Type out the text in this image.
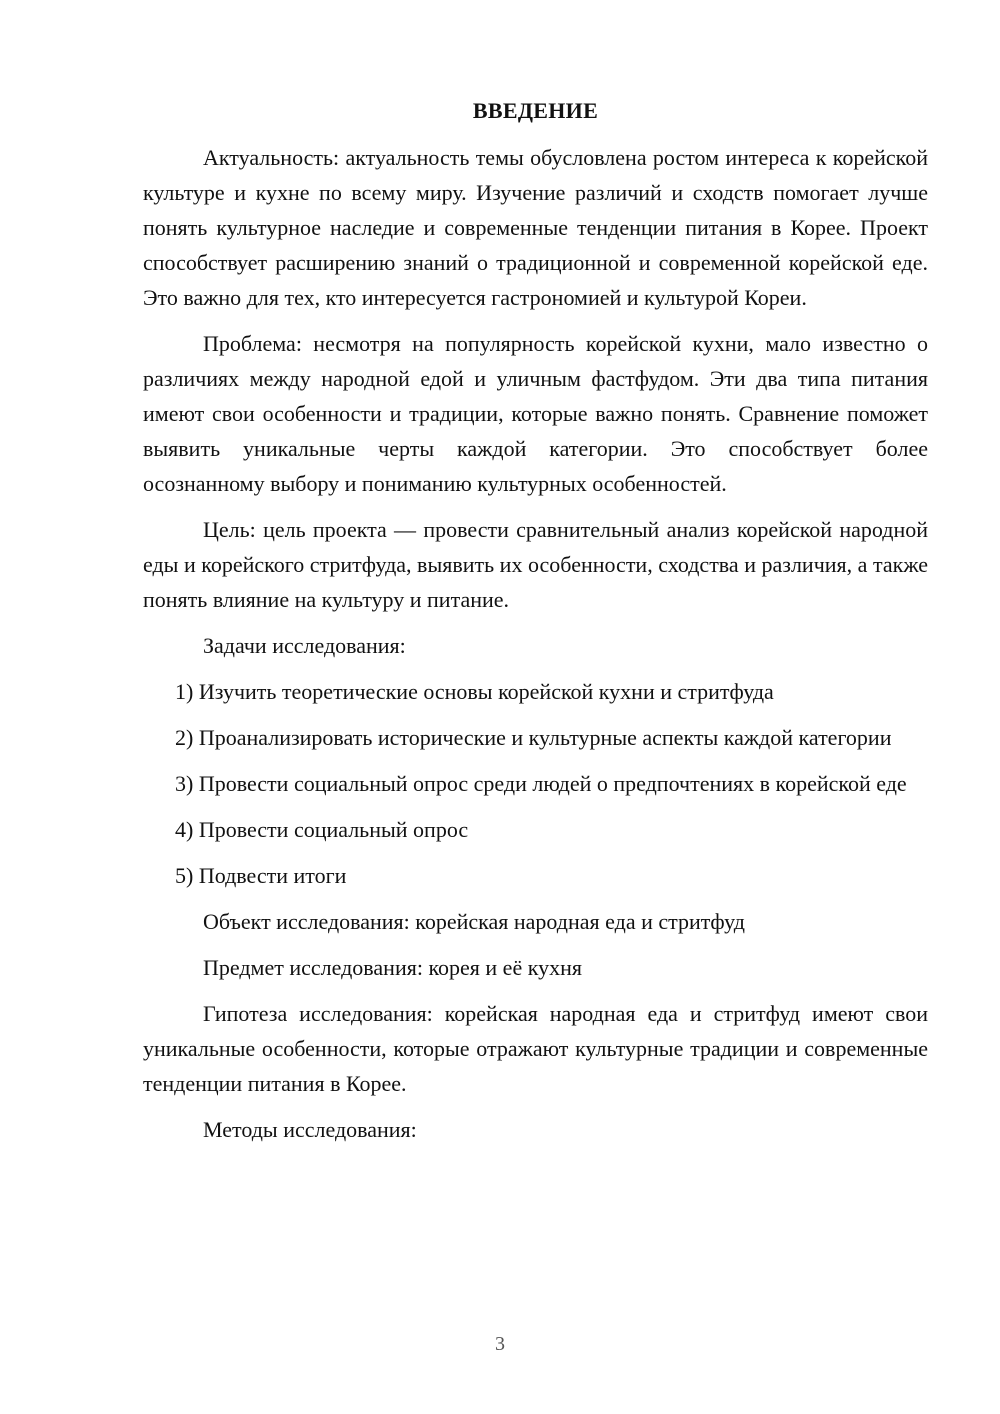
ВВЕДЕНИЕ

Актуальность: актуальность темы обусловлена ростом интереса к корейской культуре и кухне по всему миру. Изучение различий и сходств помогает лучше понять культурное наследие и современные тенденции питания в Корее. Проект способствует расширению знаний о традиционной и современной корейской еде. Это важно для тех, кто интересуется гастрономией и культурой Кореи.

Проблема: несмотря на популярность корейской кухни, мало известно о различиях между народной едой и уличным фастфудом. Эти два типа питания имеют свои особенности и традиции, которые важно понять. Сравнение поможет выявить уникальные черты каждой категории. Это способствует более осознанному выбору и пониманию культурных особенностей.

Цель: цель проекта — провести сравнительный анализ корейской народной еды и корейского стритфуда, выявить их особенности, сходства и различия, а также понять влияние на культуру и питание.

Задачи исследования:

1) Изучить теоретические основы корейской кухни и стритфуда

2) Проанализировать исторические и культурные аспекты каждой категории

3) Провести социальный опрос среди людей о предпочтениях в корейской еде

4) Провести социальный опрос

5) Подвести итоги

Объект исследования: корейская народная еда и стритфуд

Предмет исследования: корея и её кухня

Гипотеза исследования: корейская народная еда и стритфуд имеют свои уникальные особенности, которые отражают культурные традиции и современные тенденции питания в Корее.

Методы исследования:

3
